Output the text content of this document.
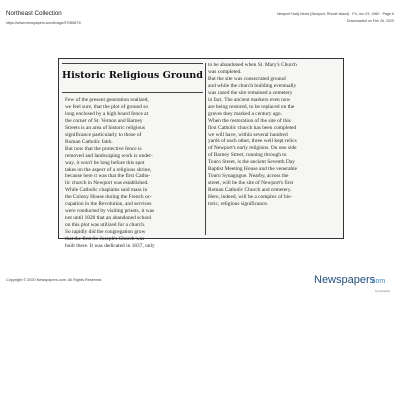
Northeast Collection
https://www.newspapers.com/image/57085871/
Newport Daily News (Newport, Rhode Island) · Fri, Jun 03, 1960 · Page 6
Downloaded on Feb 26, 2020
Historic Religious Ground
Few of the present generation realized,
we feel sure, that the plot of ground so
long enclosed by a high board fence at
the corner of St. Vernon and Barney
Streets is an area of historic religious
significance particularly to those of
Roman Catholic faith.
But now that the protective fence is
removed and landscaping work is under-
way, it won't be long before this spot
takes on the aspect of a religious shrine,
because here it was that the first Catho-
lic church in Newport was established.
While Catholic chaplains said mass in
the Colony House during the French oc-
cupation in the Revolution, and services
were conducted by visiting priests, it was
not until 1828 that an abandoned school
on this plot was utilized for a church.
So rapidly did the congregation grow
that the first St. Joseph's Church was
built there. It was dedicated in 1837, only
to be abandoned when St. Mary's Church
was completed.
But the site was consecrated ground
and while the church building eventually
was razed the site remained a cemetery
in fact. The ancient markers even now
are being restored, to be replaced on the
graves they marked a century ago.
When the restoration of the site of this
first Catholic church has been completed
we will have, within several hundred
yards of each other, three well kept relics
of Newport's early religions. On one side
of Barney Street, running through to
Touro Street, is the ancient Seventh Day
Baptist Meeting House and the venerable
Touro Synagogue. Nearby, across the
street, will be the site of Newport's first
Roman Catholic Church and cemetery.
Here, indeed, will be a complex of his-
toric, religious significance.
Copyright © 2020 Newspapers.com. All Rights Reserved.	Newspapers
com
by Ancestry
